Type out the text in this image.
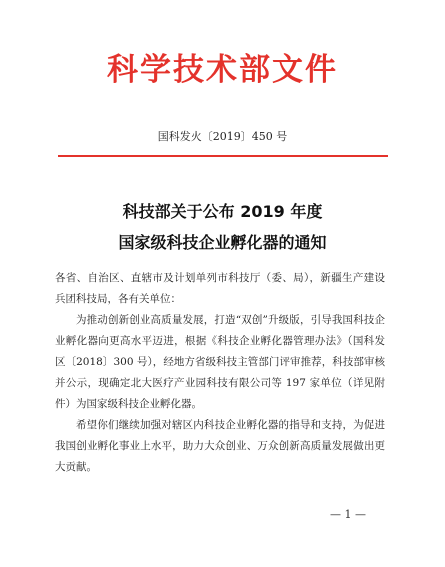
科学技术部文件
国科发火〔2019〕450 号
科技部关于公布 2019 年度
国家级科技企业孵化器的通知

各省、自治区、直辖市及计划单列市科技厅（委、局），新疆生产建设兵团科技局，各有关单位：

为推动创新创业高质量发展，打造“双创”升级版，引导我国科技企业孵化器向更高水平迈进，根据《科技企业孵化器管理办法》（国科发区〔2018〕300 号），经地方省级科技主管部门评审推荐，科技部审核并公示，现确定北大医疗产业园科技有限公司等 197 家单位（详见附件）为国家级科技企业孵化器。

希望你们继续加强对辖区内科技企业孵化器的指导和支持，为促进我国创业孵化事业上水平，助力大众创业、万众创新高质量发展做出更大贡献。

— 1 —
